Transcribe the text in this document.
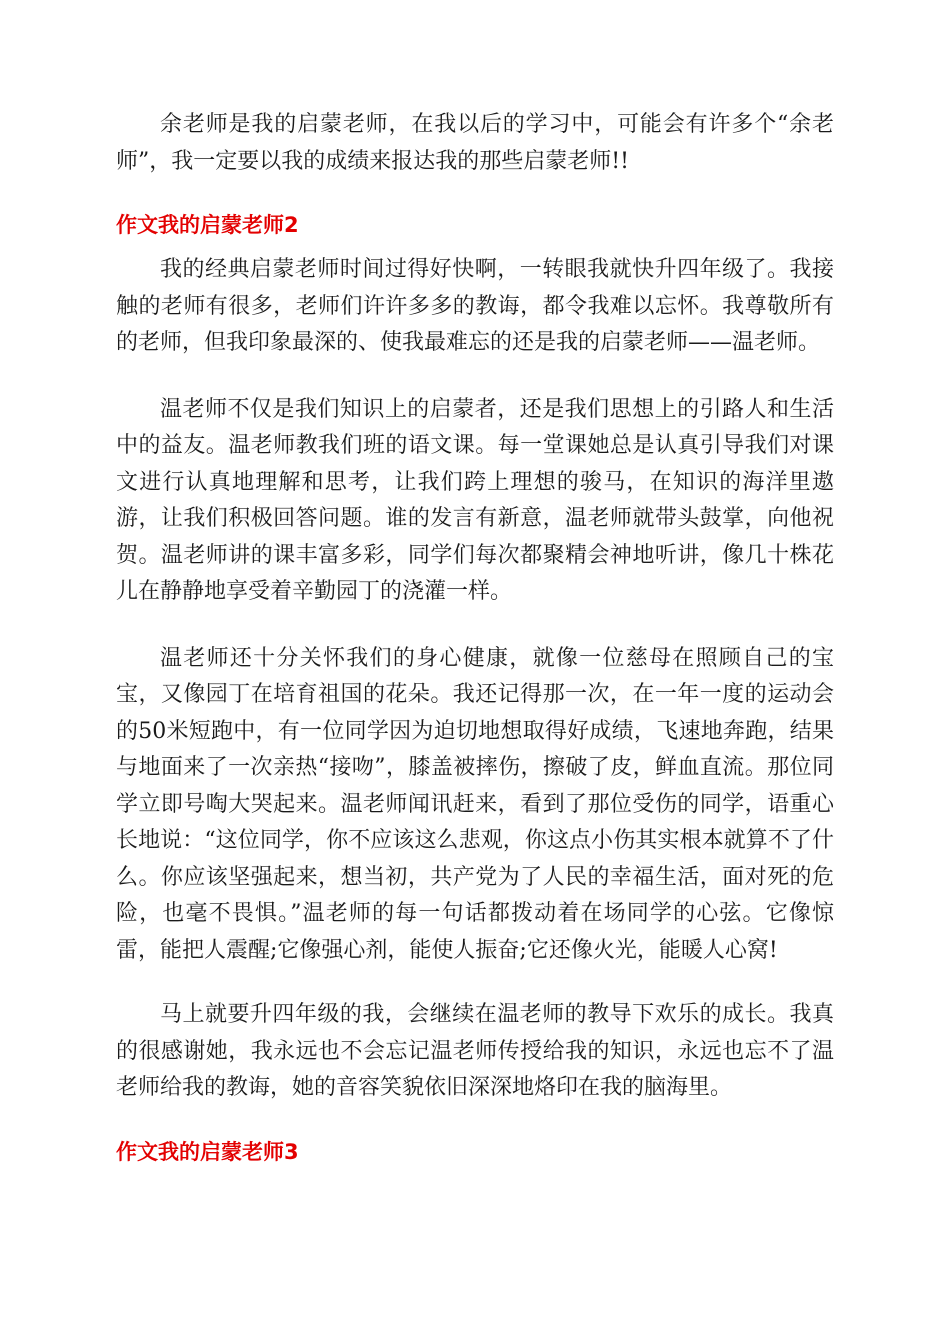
余老师是我的启蒙老师，在我以后的学习中，可能会有许多个“余老师”，我一定要以我的成绩来报达我的那些启蒙老师!!

作文我的启蒙老师2

我的经典启蒙老师时间过得好快啊，一转眼我就快升四年级了。我接触的老师有很多，老师们许许多多的教诲，都令我难以忘怀。我尊敬所有的老师，但我印象最深的、使我最难忘的还是我的启蒙老师——温老师。

温老师不仅是我们知识上的启蒙者，还是我们思想上的引路人和生活中的益友。温老师教我们班的语文课。每一堂课她总是认真引导我们对课文进行认真地理解和思考，让我们跨上理想的骏马，在知识的海洋里遨游，让我们积极回答问题。谁的发言有新意，温老师就带头鼓掌，向他祝贺。温老师讲的课丰富多彩，同学们每次都聚精会神地听讲，像几十株花儿在静静地享受着辛勤园丁的浇灌一样。

温老师还十分关怀我们的身心健康，就像一位慈母在照顾自己的宝宝，又像园丁在培育祖国的花朵。我还记得那一次，在一年一度的运动会的50米短跑中，有一位同学因为迫切地想取得好成绩，飞速地奔跑，结果与地面来了一次亲热“接吻”，膝盖被摔伤，擦破了皮，鲜血直流。那位同学立即号啕大哭起来。温老师闻讯赶来，看到了那位受伤的同学，语重心长地说：“这位同学，你不应该这么悲观，你这点小伤其实根本就算不了什么。你应该坚强起来，想当初，共产党为了人民的幸福生活，面对死的危险，也毫不畏惧。”温老师的每一句话都拨动着在场同学的心弦。它像惊雷，能把人震醒;它像强心剂，能使人振奋;它还像火光，能暖人心窝!

马上就要升四年级的我，会继续在温老师的教导下欢乐的成长。我真的很感谢她，我永远也不会忘记温老师传授给我的知识，永远也忘不了温老师给我的教诲，她的音容笑貌依旧深深地烙印在我的脑海里。

作文我的启蒙老师3
